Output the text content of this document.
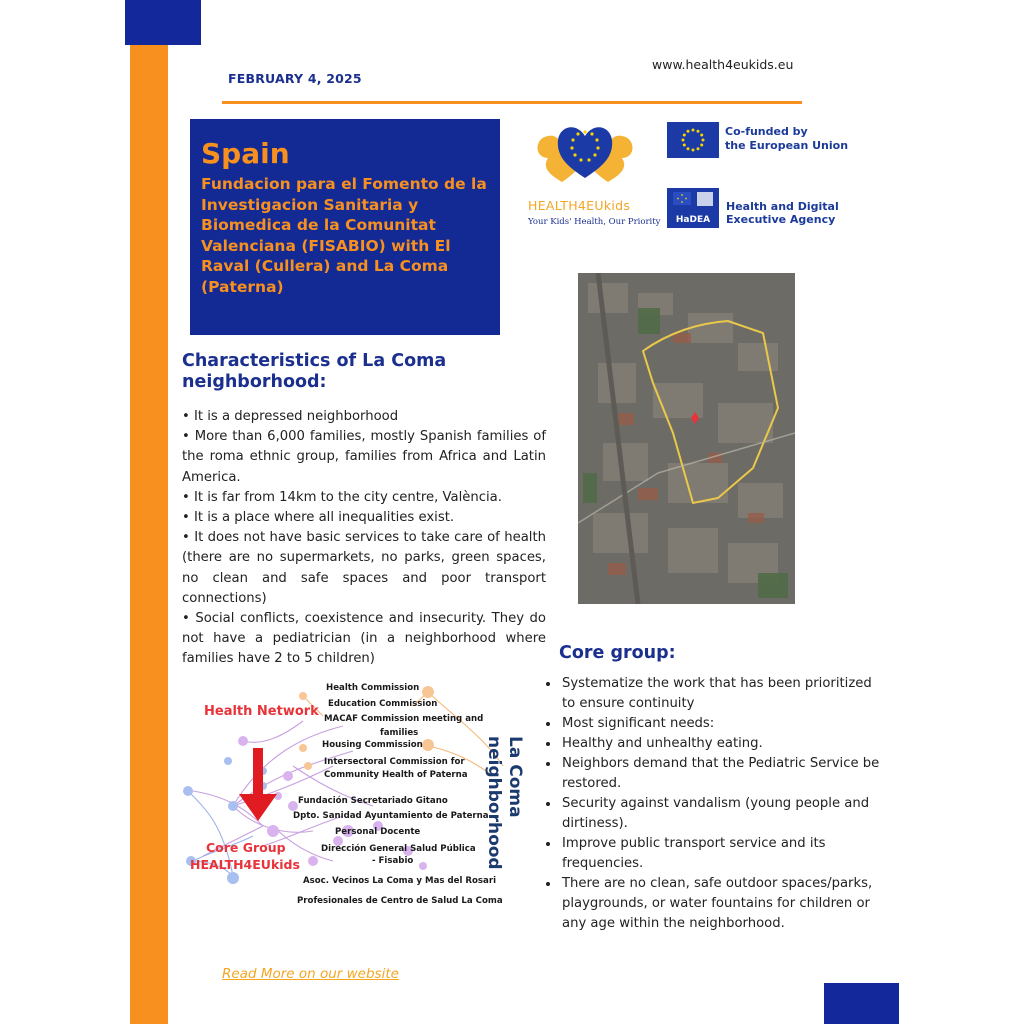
FEBRUARY 4, 2025
www.health4eukids.eu
Spain
Fundacion para el Fomento de la Investigacion Sanitaria y Biomedica de la Comunitat Valenciana (FISABIO) with El Raval (Cullera) and La Coma (Paterna)
HEALTH4EUkids
Your Kids' Health, Our Priority
Co-funded by
the European Union
HaDEA
Health and Digital
Executive Agency
Characteristics of La Coma neighborhood:

• It is a depressed neighborhood

• More than 6,000 families, mostly Spanish families of the roma ethnic group, families from Africa and Latin America.

• It is far from 14km to the city centre, València.

• It is a place where all inequalities exist.

• It does not have basic services to take care of health (there are no supermarkets, no parks, green spaces, no clean and safe spaces and poor transport connections)

• Social conflicts, coexistence and insecurity. They do not have a pediatrician (in a neighborhood where families have 2 to 5 children)

Health Network
Core Group
HEALTH4EUkids
La Coma neighborhood
Health Commission
Education Commission
MACAF Commission meeting and
families
Housing Commission
Intersectoral Commission for
Community Health of Paterna
Fundación Secretariado Gitano
Dpto. Sanidad Ayuntamiento de Paterna
Personal Docente
Dirección General Salud Pública
- Fisabio
Asoc. Vecinos La Coma y Mas del Rosari
Profesionales de Centro de Salud La Coma
Core group:
• Systematize the work that has been prioritized to ensure continuity
• Most significant needs:
• Healthy and unhealthy eating.
• Neighbors demand that the Pediatric Service be restored.
• Security against vandalism (young people and dirtiness).
• Improve public transport service and its frequencies.
• There are no clean, safe outdoor spaces/parks, playgrounds, or water fountains for children or any age within the neighborhood.
Read More on our website
